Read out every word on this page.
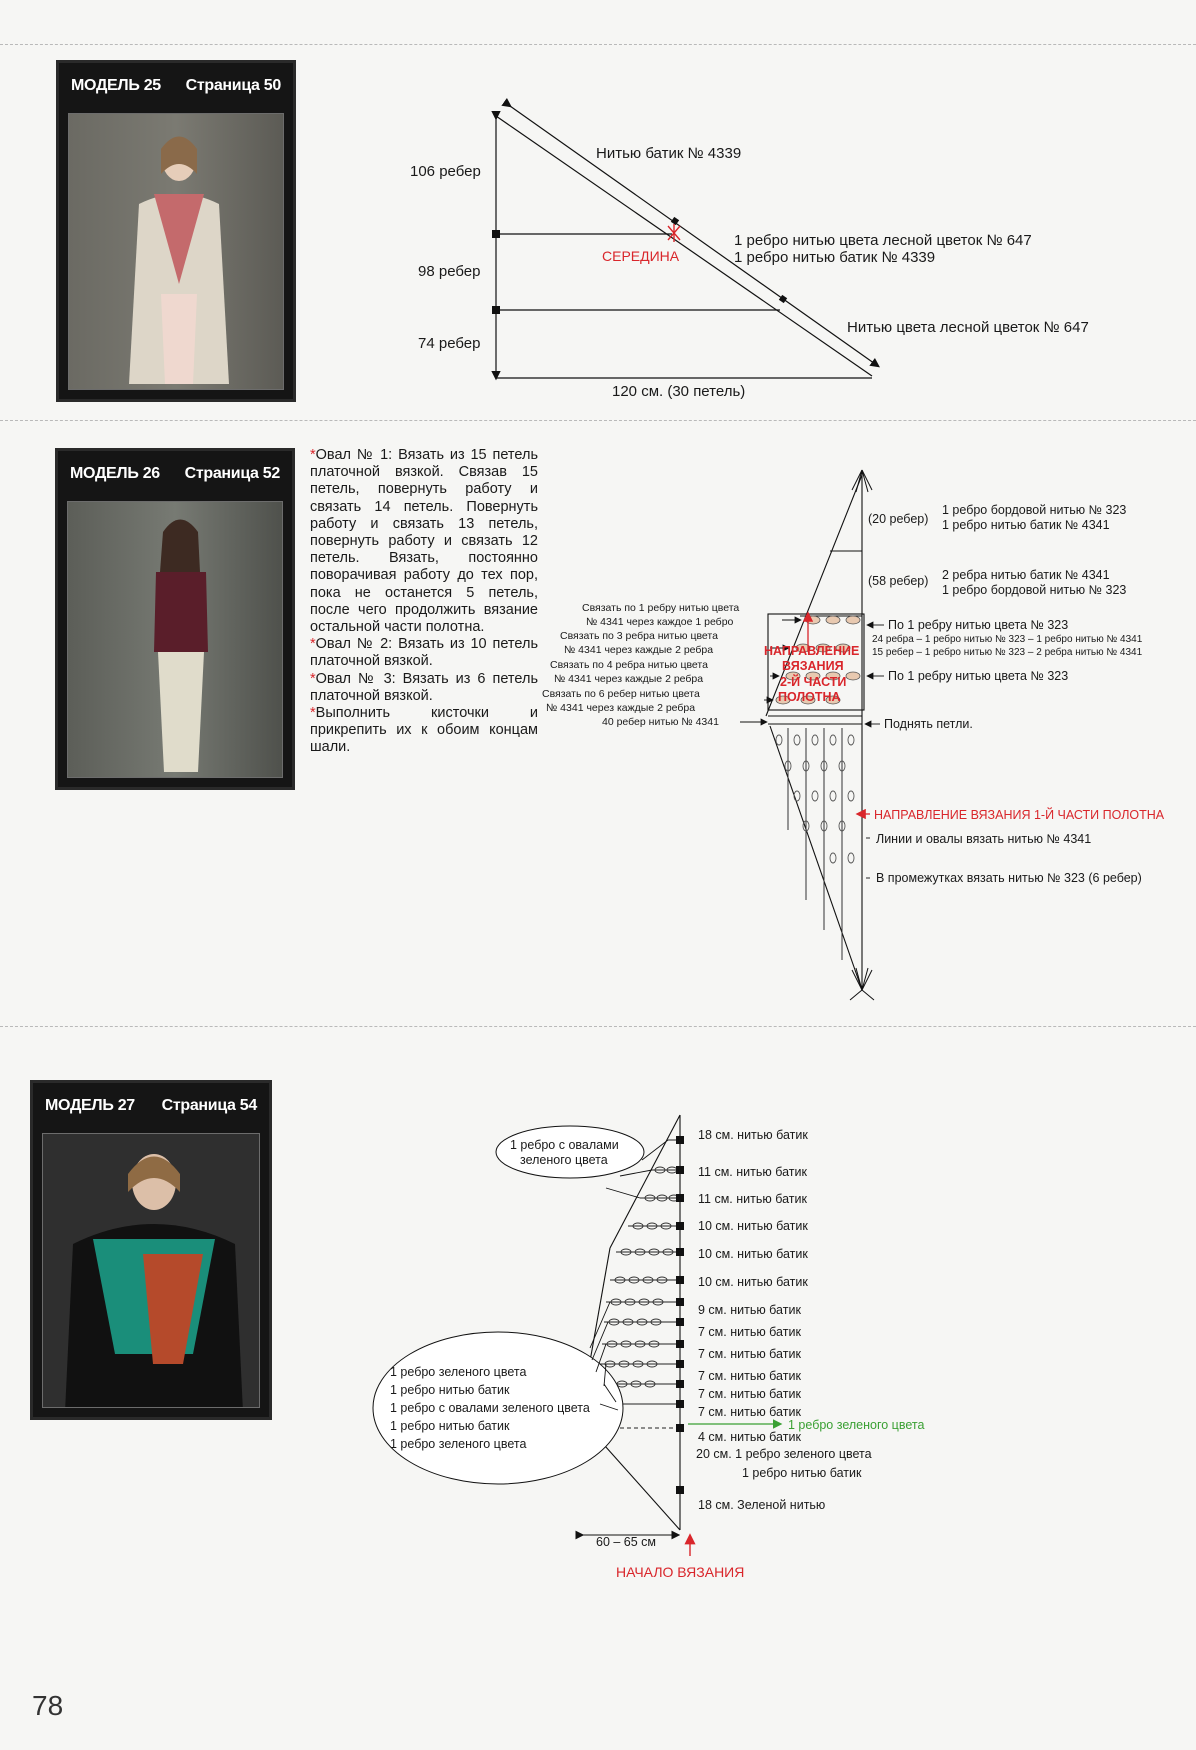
МОДЕЛЬ 25 Страница 50
МОДЕЛЬ 26 Страница 52
МОДЕЛЬ 27 Страница 54
106 ребер
98 ребер
74 ребер
Нитью батик № 4339
СЕРЕДИНА
1 ребро нитью цвета лесной цветок № 647
1 ребро нитью батик № 4339
Нитью цвета лесной цветок № 647
120 см. (30 петель)

*Овал № 1: Вязать из 15 петель платочной вязкой. Связав 15 петель, повернуть работу и связать 14 петель. Повернуть работу и связать 13 петель, повернуть работу и связать 12 петель. Вязать, постоянно поворачивая работу до тех пор, пока не останется 5 петель, после чего продолжить вязание остальной части полотна.

*Овал № 2: Вязать из 10 петель платочной вязкой.

*Овал № 3: Вязать из 6 петель платочной вязкой.

*Выполнить кисточки и прикрепить их к обоим концам шали.

(20 ребер)
1 ребро бордовой нитью № 323
1 ребро нитью батик № 4341
(58 ребер) 2 ребра нитью батик № 4341
1 ребро бордовой нитью № 323
Связать по 1 ребру нитью цвета
№ 4341 через каждое 1 ребро
Связать по 3 ребра нитью цвета
№ 4341 через каждые 2 ребра
Связать по 4 ребра нитью цвета
№ 4341 через каждые 2 ребра
Связать по 6 ребер нитью цвета
№ 4341 через каждые 2 ребра
40 ребер нитью № 4341
По 1 ребру нитью цвета № 323
24 ребра – 1 ребро нитью № 323 – 1 ребро нитью № 4341
15 ребер – 1 ребро нитью № 323 – 2 ребра нитью № 4341
По 1 ребру нитью цвета № 323
НАПРАВЛЕНИЕ
ВЯЗАНИЯ
2-Й ЧАСТИ
ПОЛОТНА
Поднять петли.
НАПРАВЛЕНИЕ ВЯЗАНИЯ 1-Й ЧАСТИ ПОЛОТНА
Линии и овалы вязать нитью № 4341
В промежутках вязать нитью № 323 (6 ребер)
1 ребро с овалами
зеленого цвета
1 ребро зеленого цвета
1 ребро нитью батик
1 ребро с овалами зеленого цвета
1 ребро нитью батик
1 ребро зеленого цвета
18 см. нитью батик
11 см. нитью батик
11 см. нитью батик
10 см. нитью батик
10 см. нитью батик
10 см. нитью батик
9 см. нитью батик
7 см. нитью батик
7 см. нитью батик
7 см. нитью батик
7 см. нитью батик
7 см. нитью батик
4 см. нитью батик
1 ребро зеленого цвета
20 см. 1 ребро зеленого цвета
1 ребро нитью батик
18 см. Зеленой нитью
60 – 65 см
НАЧАЛО ВЯЗАНИЯ
78
